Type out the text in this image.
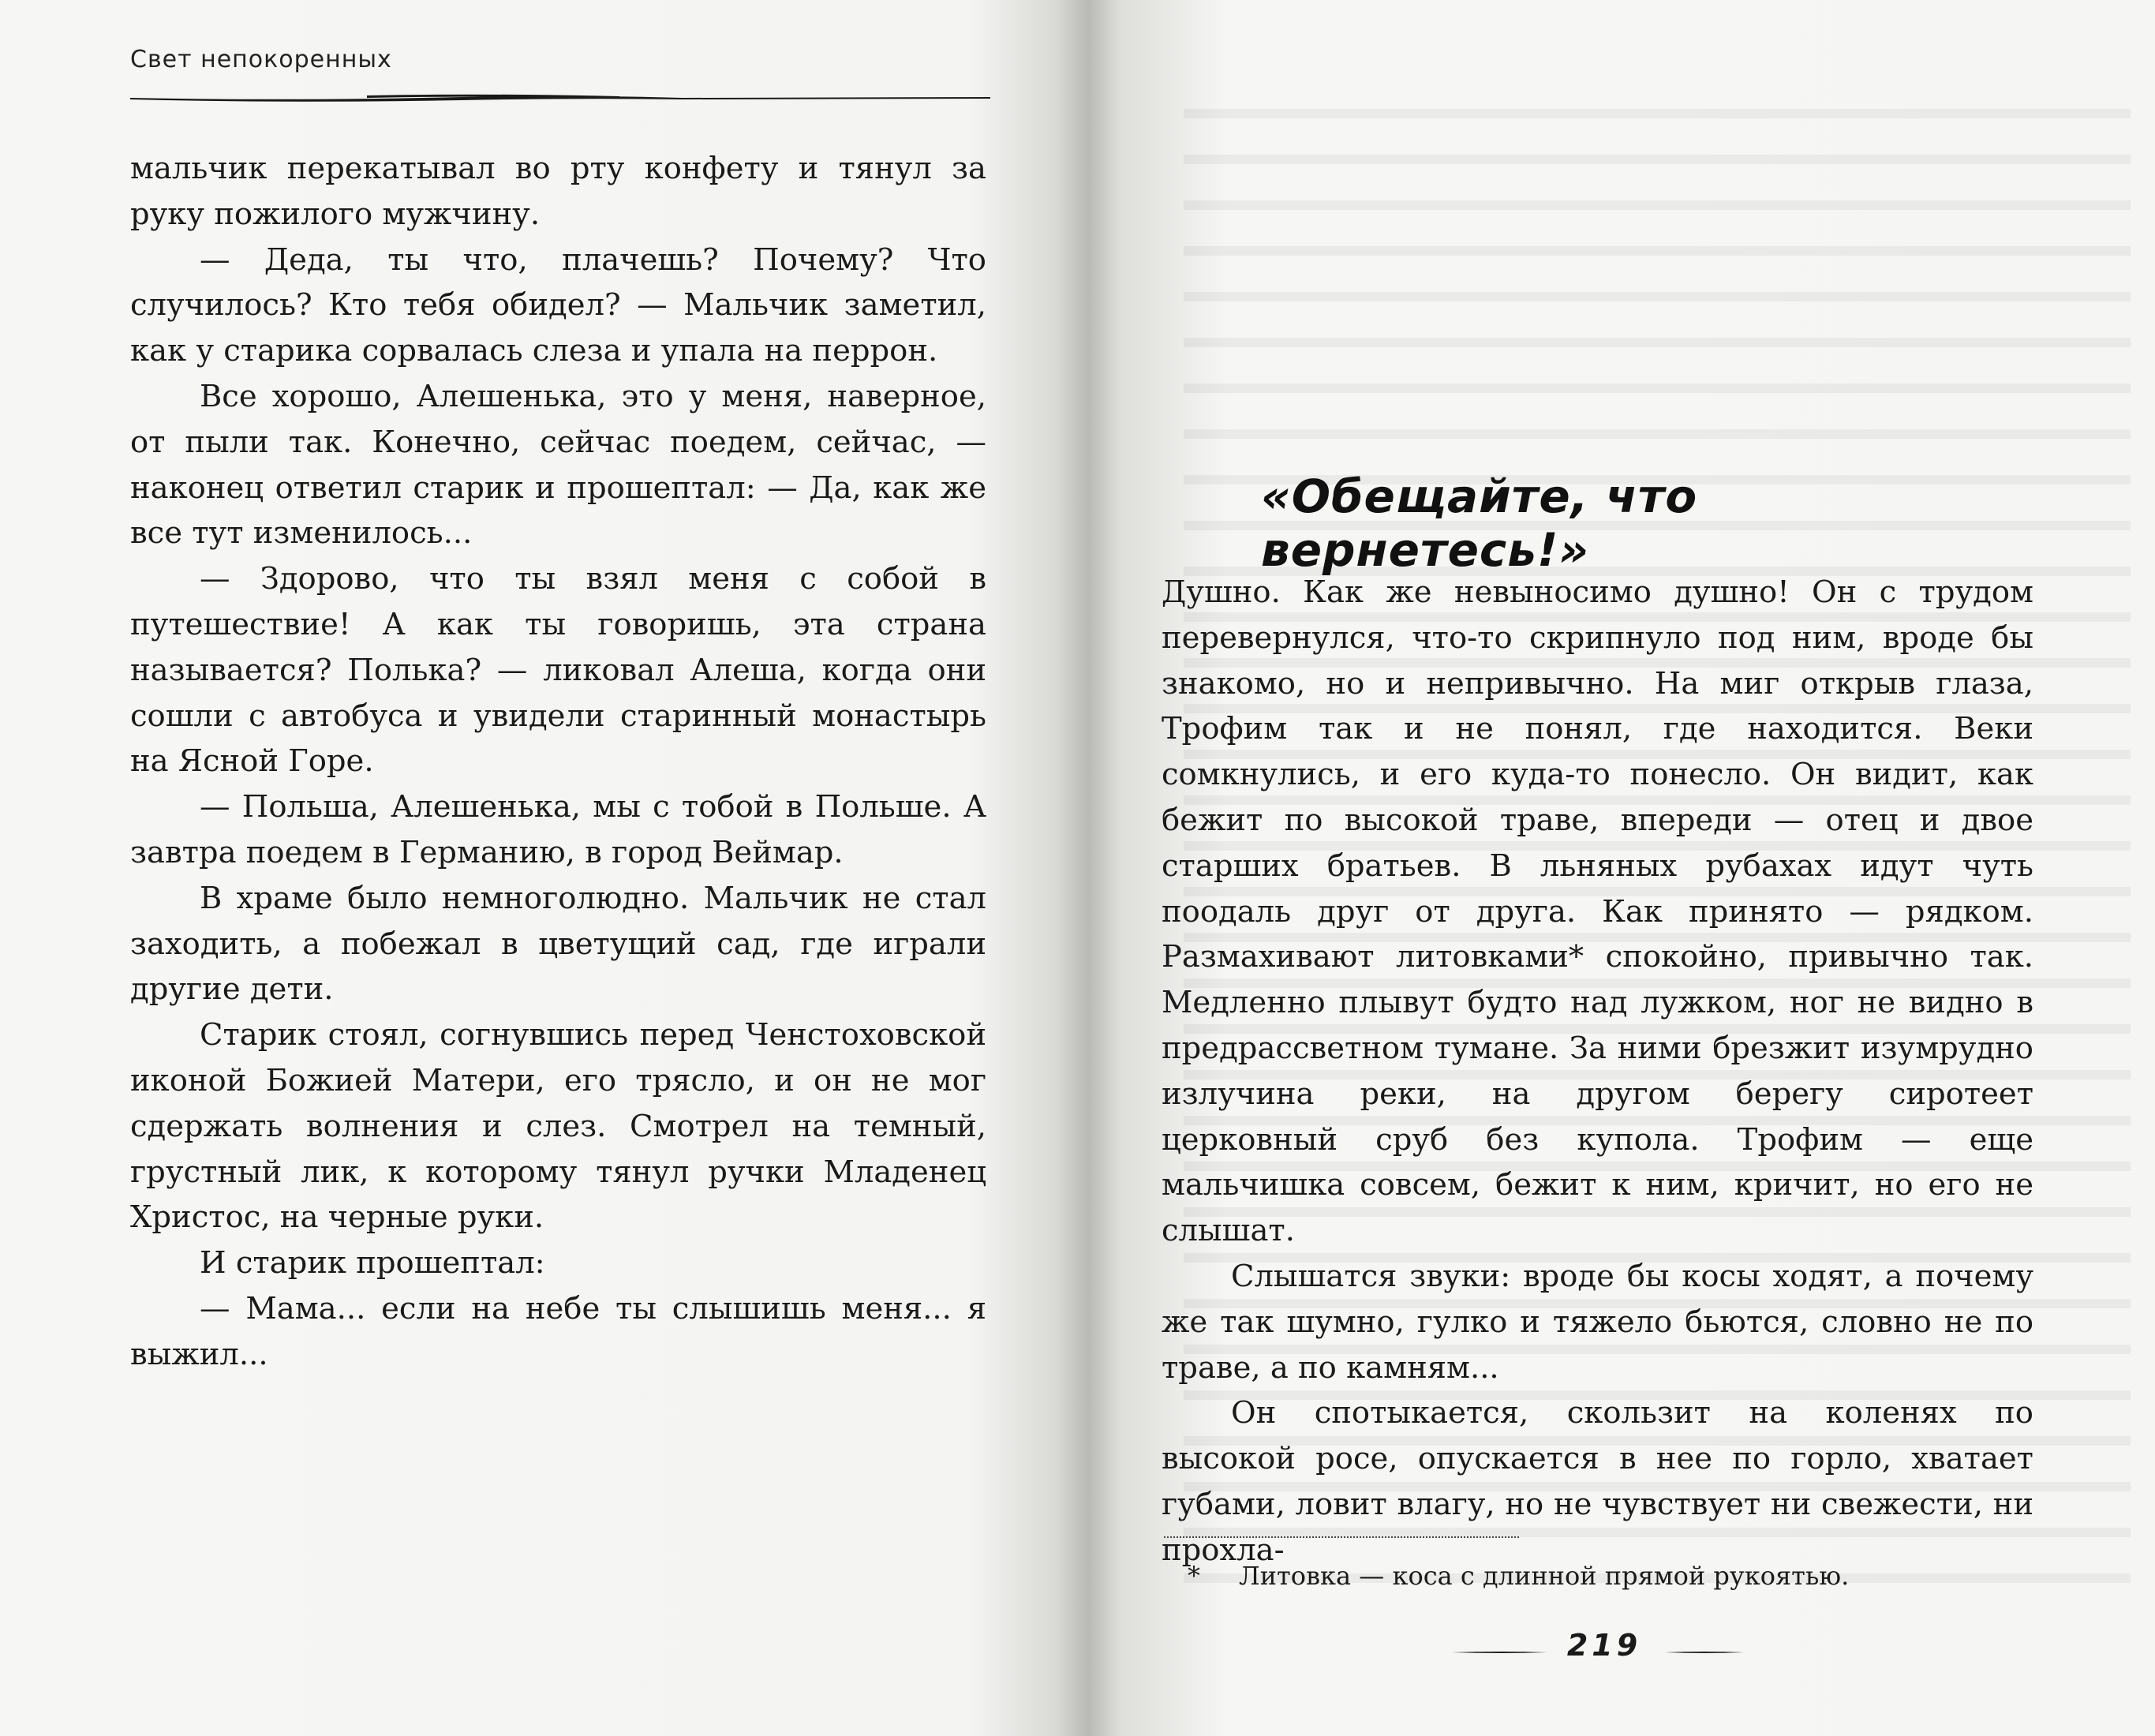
Свет непокоренных

мальчик перекатывал во рту конфету и тянул за руку пожилого мужчину.

— Деда, ты что, плачешь? Почему? Что случилось? Кто тебя обидел? — Мальчик заметил, как у старика сорвалась слеза и упала на перрон.

Все хорошо, Алешенька, это у меня, наверное, от пыли так. Конечно, сейчас поедем, сейчас, — наконец ответил старик и прошептал: — Да, как же все тут изменилось...

— Здорово, что ты взял меня с собой в путешествие! А как ты говоришь, эта страна называется? Полька? — ликовал Алеша, когда они сошли с автобуса и увидели старинный монастырь на Ясной Горе.

— Польша, Алешенька, мы с тобой в Польше. А завтра поедем в Германию, в город Веймар.

В храме было немноголюдно. Мальчик не стал заходить, а побежал в цветущий сад, где играли другие дети.

Старик стоял, согнувшись перед Ченстоховской иконой Божией Матери, его трясло, и он не мог сдержать волнения и слез. Смотрел на темный, грустный лик, к которому тянул ручки Младенец Христос, на черные руки.

И старик прошептал:

— Мама... если на небе ты слышишь меня... я выжил...

«Обещайте, что вернетесь!»

Душно. Как же невыносимо душно! Он с трудом перевернулся, что-то скрипнуло под ним, вроде бы знакомо, но и непривычно. На миг открыв глаза, Трофим так и не понял, где находится. Веки сомкнулись, и его куда-то понесло. Он видит, как бежит по высокой траве, впереди — отец и двое старших братьев. В льняных рубахах идут чуть поодаль друг от друга. Как принято — рядком. Размахивают литовками* спокойно, привычно так. Медленно плывут будто над лужком, ног не видно в предрассветном тумане. За ними брезжит изумрудно излучина реки, на другом берегу сиротеет церковный сруб без купола. Трофим — еще мальчишка совсем, бежит к ним, кричит, но его не слышат.

Слышатся звуки: вроде бы косы ходят, а почему же так шумно, гулко и тяжело бьются, словно не по траве, а по камням...

Он спотыкается, скользит на коленях по высокой росе, опускается в нее по горло, хватает губами, ловит влагу, но не чувствует ни свежести, ни прохла-

* Литовка — коса с длинной прямой рукоятью.
219
